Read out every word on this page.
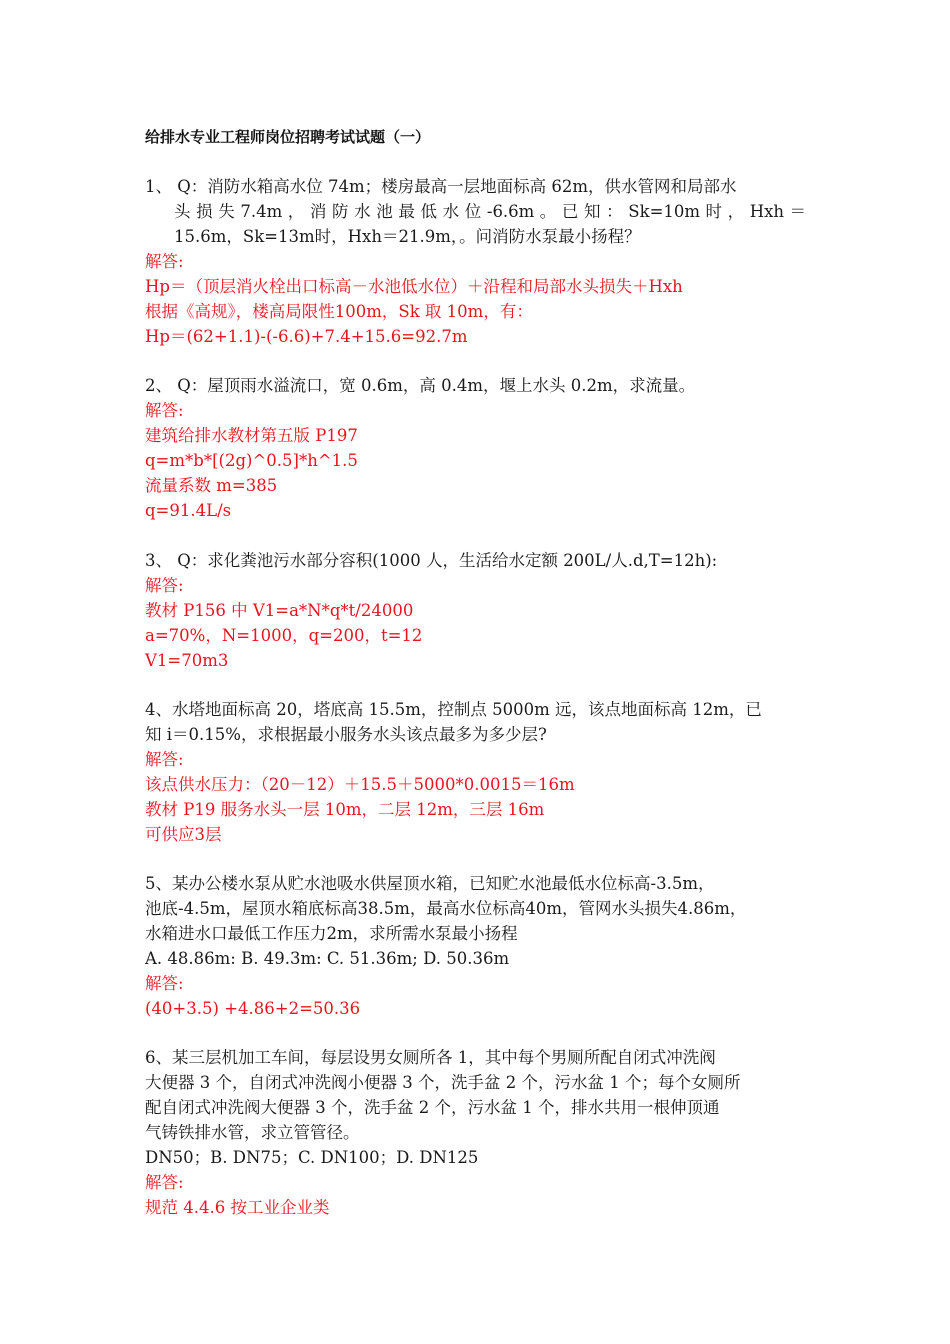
给排水专业工程师岗位招聘考试试题（一）
1、 Q：消防水箱高水位 74m；楼房最高一层地面标高 62m，供水管网和局部水
头 损 失 7.4m ， 消 防 水 池 最 低 水 位 -6.6m 。 已 知 ： Sk=10m 时 ， Hxh ＝
15.6m，Sk=13m时，Hxh＝21.9m，。问消防水泵最小扬程？
解答:
Hp＝（顶层消火栓出口标高－水池低水位）＋沿程和局部水头损失＋Hxh
根据《高规》，楼高局限性100m，Sk 取 10m，有：
Hp＝(62+1.1)-(-6.6)+7.4+15.6=92.7m
2、 Q：屋顶雨水溢流口，宽 0.6m，高 0.4m，堰上水头 0.2m，求流量。
解答:
建筑给排水教材第五版 P197
q=m*b*[(2g)^0.5]*h^1.5
流量系数 m=385
q=91.4L/s
3、 Q：求化粪池污水部分容积(1000 人，生活给水定额 200L/人.d,T=12h):
解答:
教材 P156 中 V1=a*N*q*t/24000
a=70%，N=1000，q=200，t=12
V1=70m3
4、水塔地面标高 20，塔底高 15.5m，控制点 5000m 远，该点地面标高 12m，已
知 i＝0.15%，求根据最小服务水头该点最多为多少层?
解答:
该点供水压力：（20－12）＋15.5＋5000*0.0015＝16m
教材 P19 服务水头一层 10m，二层 12m，三层 16m
可供应3层
5、某办公楼水泵从贮水池吸水供屋顶水箱，已知贮水池最低水位标高-3.5m，
池底-4.5m，屋顶水箱底标高38.5m，最高水位标高40m，管网水头损失4.86m，
水箱进水口最低工作压力2m，求所需水泵最小扬程
A. 48.86m: B. 49.3m: C. 51.36m; D. 50.36m
解答:
(40+3.5) +4.86+2=50.36
6、某三层机加工车间，每层设男女厕所各 1，其中每个男厕所配自闭式冲洗阀
大便器 3 个，自闭式冲洗阀小便器 3 个，洗手盆 2 个，污水盆 1 个；每个女厕所
配自闭式冲洗阀大便器 3 个，洗手盆 2 个，污水盆 1 个，排水共用一根伸顶通
气铸铁排水管，求立管管径。
DN50；B. DN75；C. DN100；D. DN125
解答:
规范 4.4.6 按工业企业类
